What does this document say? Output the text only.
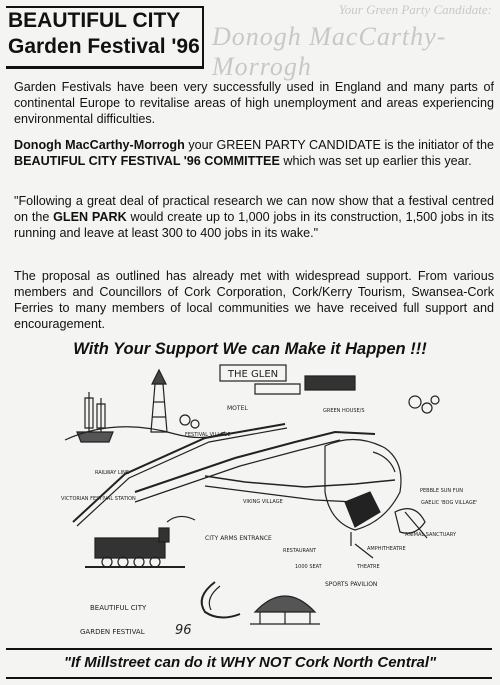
Your Green Party Candidate:
Donogh MacCarthy-Morrogh
BEAUTIFUL CITY
Garden Festival '96
Garden Festivals have been very successfully used in England and many parts of continental Europe to revitalise areas of high unemployment and areas experiencing environmental difficulties.
Donogh MacCarthy-Morrogh your GREEN PARTY CANDIDATE is the initiator of the BEAUTIFUL CITY FESTIVAL '96 COMMITTEE which was set up earlier this year.
"Following a great deal of practical research we can now show that a festival centred on the GLEN PARK would create up to 1,000 jobs in its construction, 1,500 jobs in its running and leave at least 300 to 400 jobs in its wake."
The proposal as outlined has already met with widespread support. From various members and Councillors of Cork Corporation, Cork/Kerry Tourism, Swansea-Cork Ferries to many members of local communities we have received full support and encouragement.
With Your Support We can Make it Happen !!!
THE GLEN
MOTEL	GREEN HOUSE/S
FESTIVAL VILLAGE
RAILWAY LINE
VICTORIAN FESTIVAL STATION	VIKING VILLAGE
CITY ARMS ENTRANCE
RESTAURANT
1000 SEAT
AMPHITHEATRE
THEATRE
SPORTS PAVILION
ANIMAL SANCTUARY
PEBBLE SUN FUN
GAELIC 'BOG VILLAGE'
BEAUTIFUL CITY
GARDEN FESTIVAL 96
"If Millstreet can do it WHY NOT Cork North Central"
